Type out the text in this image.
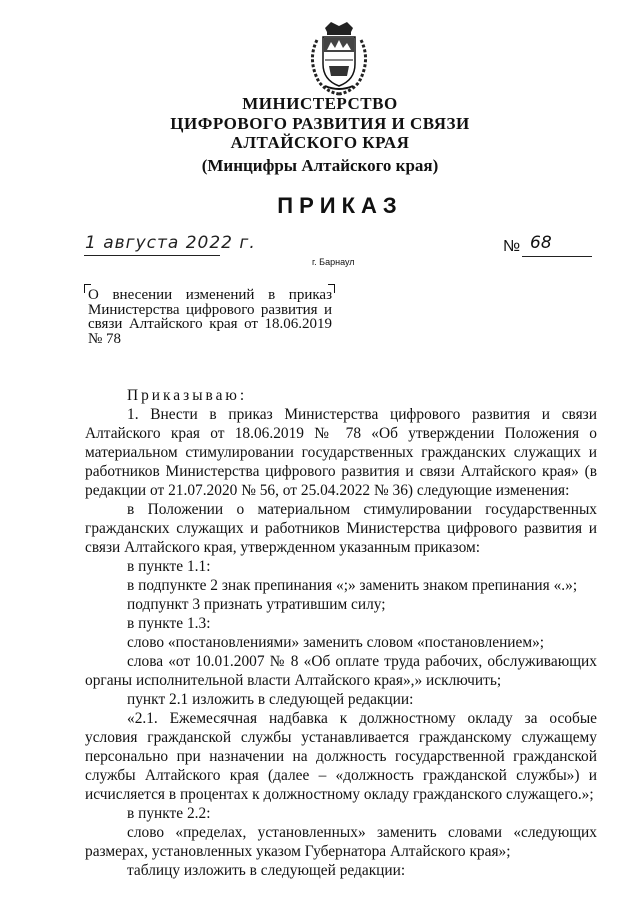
МИНИСТЕРСТВО
ЦИФРОВОГО РАЗВИТИЯ И СВЯЗИ
АЛТАЙСКОГО КРАЯ
(Минцифры Алтайского края)
ПРИКАЗ
1 августа 2022 г.	№ 68
г. Барнаул
О внесении изменений в приказ Министерства цифрового развития и связи Алтайского края от 18.06.2019 № 78

Приказываю:

1. Внести в приказ Министерства цифрового развития и связи Алтайского края от 18.06.2019 № 78 «Об утверждении Положения о материальном стимулировании государственных гражданских служащих и работников Министерства цифрового развития и связи Алтайского края» (в редакции от 21.07.2020 № 56, от 25.04.2022 № 36) следующие изменения:

в Положении о материальном стимулировании государственных гражданских служащих и работников Министерства цифрового развития и связи Алтайского края, утвержденном указанным приказом:

в пункте 1.1:

в подпункте 2 знак препинания «;» заменить знаком препинания «.»;

подпункт 3 признать утратившим силу;

в пункте 1.3:

слово «постановлениями» заменить словом «постановлением»;

слова «от 10.01.2007 № 8 «Об оплате труда рабочих, обслуживающих органы исполнительной власти Алтайского края»,» исключить;

пункт 2.1 изложить в следующей редакции:

«2.1. Ежемесячная надбавка к должностному окладу за особые условия гражданской службы устанавливается гражданскому служащему персонально при назначении на должность государственной гражданской службы Алтайского края (далее – «должность гражданской службы») и исчисляется в процентах к должностному окладу гражданского служащего.»;

в пункте 2.2:

слово «пределах, установленных» заменить словами «следующих размерах, установленных указом Губернатора Алтайского края»;

таблицу изложить в следующей редакции:
